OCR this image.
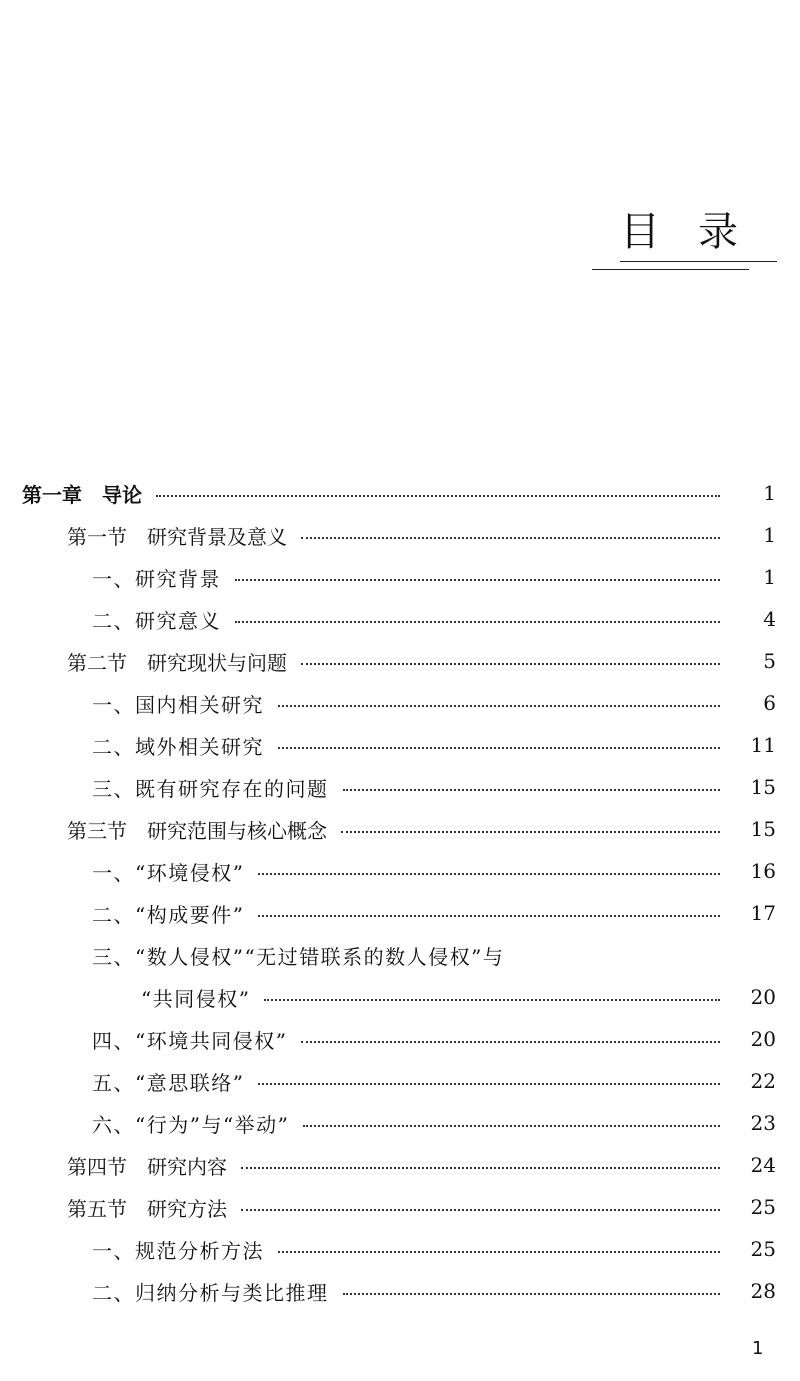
目录
第一章　导论	1
第一节　研究背景及意义	1
一、研究背景	1
二、研究意义	4
第二节　研究现状与问题	5
一、国内相关研究	6
二、域外相关研究	11
三、既有研究存在的问题	15
第三节　研究范围与核心概念	15
一、“环境侵权”	16
二、“构成要件”	17
三、“数人侵权”“无过错联系的数人侵权”与
“共同侵权”	20
四、“环境共同侵权”	20
五、“意思联络”	22
六、“行为”与“举动”	23
第四节　研究内容	24
第五节　研究方法	25
一、规范分析方法	25
二、归纳分析与类比推理	28
1
